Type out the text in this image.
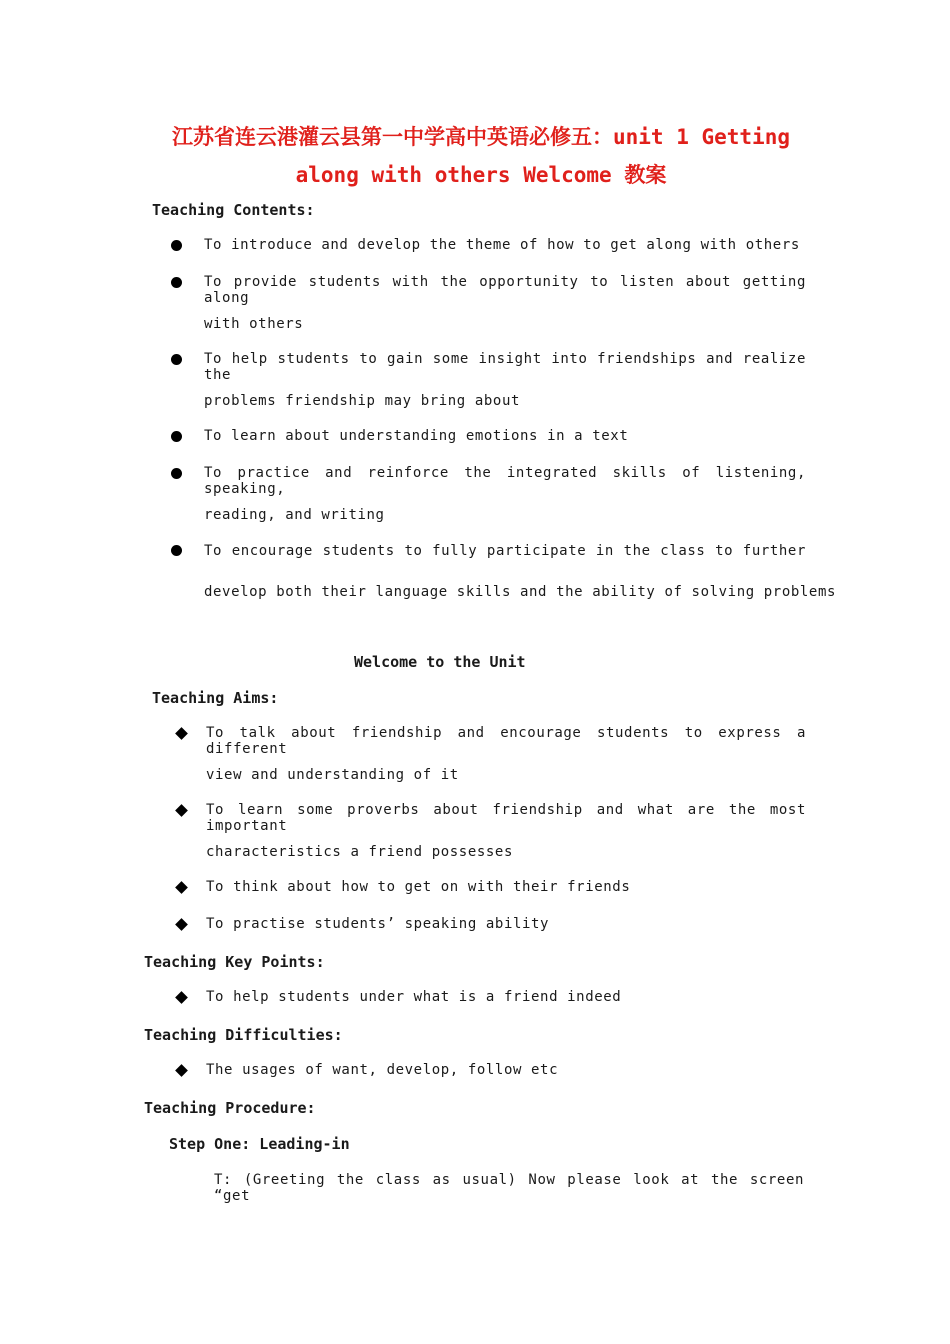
江苏省连云港灌云县第一中学高中英语必修五：unit 1 Getting
along with others Welcome 教案
Teaching Contents:
To introduce and develop the theme of how to get along with others
To provide students with the opportunity to listen about getting along
with others
To help students to gain some insight into friendships and realize the
problems friendship may bring about
To learn about understanding emotions in a text
To practice and reinforce the integrated skills of listening, speaking,
reading, and writing
To encourage students to fully participate in the class to further
develop both their language skills and the ability of solving problems
Welcome to the Unit
Teaching Aims:
To talk about friendship and encourage students to express a different
view and understanding of it
To learn some proverbs about friendship and what are the most important
characteristics a friend possesses
To think about how to get on with their friends
To practise students’ speaking ability
Teaching Key Points:
To help students under what is a friend indeed
Teaching Difficulties:
The usages of want, develop, follow etc
Teaching Procedure:
Step One: Leading-in
T: (Greeting the class as usual) Now please look at the screen “get
